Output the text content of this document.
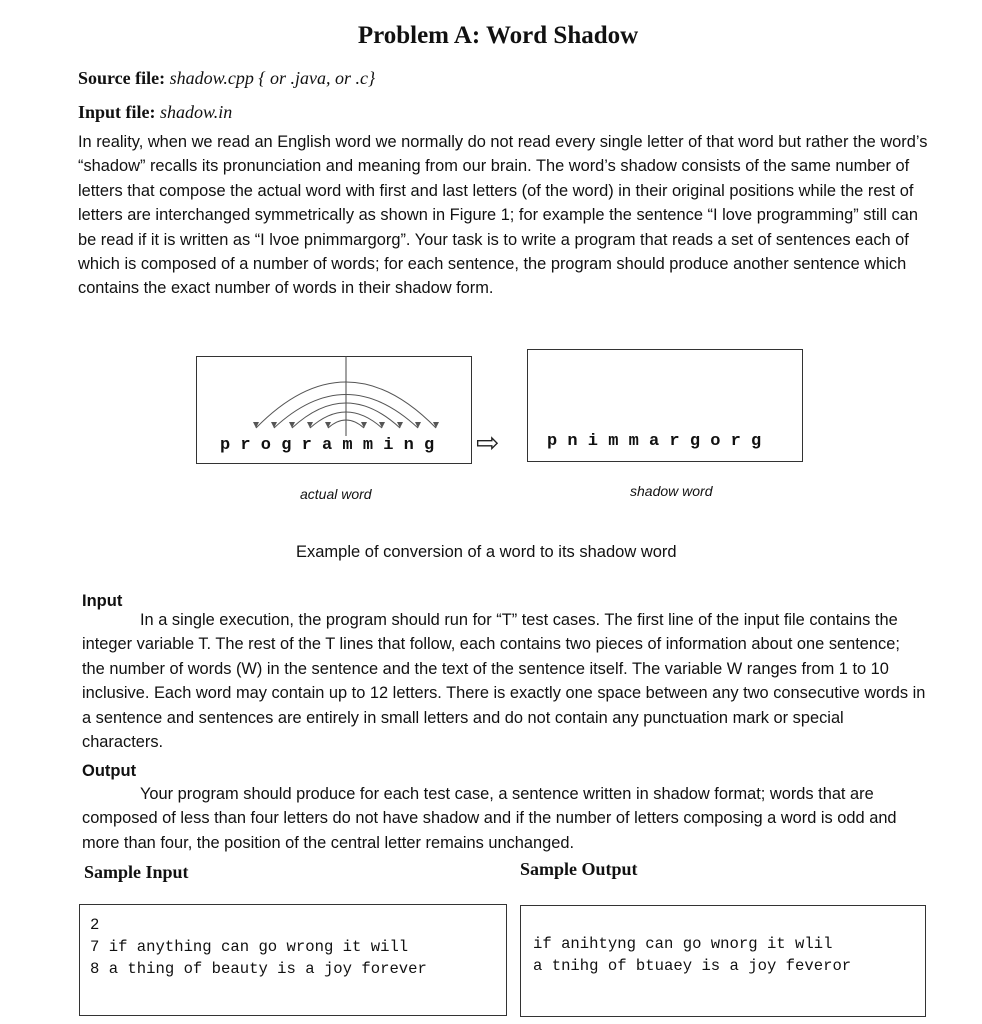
Problem A: Word Shadow
Source file: shadow.cpp { or .java, or .c}
Input file: shadow.in

In reality, when we read an English word we normally do not read every single letter of that word but rather the word’s “shadow” recalls its pronunciation and meaning from our brain. The word’s shadow consists of the same number of letters that compose the actual word with first and last letters (of the word) in their original positions while the rest of letters are interchanged symmetrically as shown in Figure 1; for example the sentence “I love programming” still can be read if it is written as “I lvoe pnimmargorg”. Your task is to write a program that reads a set of sentences each of which is composed of a number of words; for each sentence, the program should produce another sentence which contains the exact number of words in their shadow form.

p r o g r a m m i n g ⇨	p n i m m a r g o r g
actual word	shadow word
Example of conversion of a word to its shadow word
Input

In a single execution, the program should run for “T” test cases. The first line of the input file contains the integer variable T. The rest of the T lines that follow, each contains two pieces of information about one sentence; the number of words (W) in the sentence and the text of the sentence itself. The variable W ranges from 1 to 10 inclusive. Each word may contain up to 12 letters. There is exactly one space between any two consecutive words in a sentence and sentences are entirely in small letters and do not contain any punctuation mark or special characters.

Output

Your program should produce for each test case, a sentence written in shadow format; words that are composed of less than four letters do not have shadow and if the number of letters composing a word is odd and more than four, the position of the central letter remains unchanged.

Sample Input	Sample Output
2
7 if anything can go wrong it will
8 a thing of beauty is a joy forever
if anihtyng can go wnorg it wlil
a tnihg of btuaey is a joy feveror
